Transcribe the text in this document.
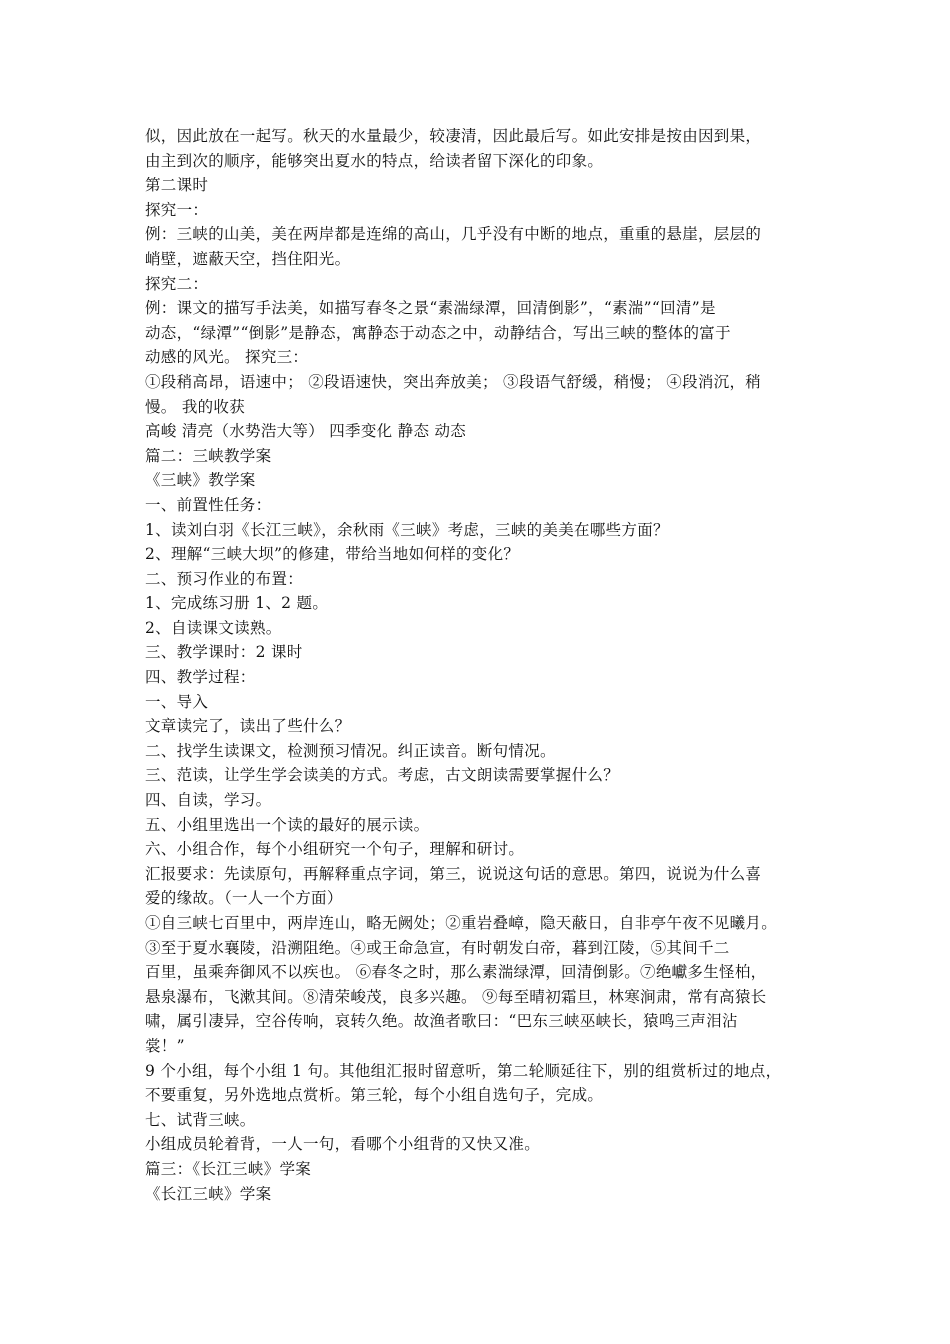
似，因此放在一起写。秋天的水量最少，较凄清，因此最后写。如此安排是按由因到果，
由主到次的顺序，能够突出夏水的特点，给读者留下深化的印象。
第二课时
探究一：
例：三峡的山美，美在两岸都是连绵的高山，几乎没有中断的地点，重重的悬崖，层层的
峭壁，遮蔽天空，挡住阳光。
探究二：
例：课文的描写手法美，如描写春冬之景“素湍绿潭，回清倒影”，“素湍”“回清”是
动态，“绿潭”“倒影”是静态，寓静态于动态之中，动静结合，写出三峡的整体的富于
动感的风光。 探究三：
①段稍高昂，语速中； ②段语速快，突出奔放美； ③段语气舒缓，稍慢； ④段消沉，稍
慢。 我的收获
高峻 清亮（水势浩大等） 四季变化 静态 动态
篇二：三峡教学案
《三峡》教学案
一、前置性任务：
1、读刘白羽《长江三峡》，余秋雨《三峡》考虑，三峡的美美在哪些方面？
2、理解“三峡大坝”的修建，带给当地如何样的变化？
二、预习作业的布置：
1、完成练习册 1、2 题。
2、自读课文读熟。
三、教学课时：2 课时
四、教学过程：
一、导入
文章读完了，读出了些什么？
二、找学生读课文，检测预习情况。纠正读音。断句情况。
三、范读，让学生学会读美的方式。考虑，古文朗读需要掌握什么？
四、自读，学习。
五、小组里选出一个读的最好的展示读。
六、小组合作，每个小组研究一个句子，理解和研讨。
汇报要求：先读原句，再解释重点字词，第三，说说这句话的意思。第四，说说为什么喜
爱的缘故。（一人一个方面）
①自三峡七百里中，两岸连山，略无阙处；②重岩叠嶂，隐天蔽日，自非亭午夜不见曦月。
③至于夏水襄陵，沿溯阻绝。④或王命急宣，有时朝发白帝，暮到江陵，⑤其间千二
百里，虽乘奔御风不以疾也。 ⑥春冬之时，那么素湍绿潭，回清倒影。⑦绝巘多生怪柏，
悬泉瀑布，飞漱其间。⑧清荣峻茂，良多兴趣。 ⑨每至晴初霜旦，林寒涧肃，常有高猿长
啸，属引凄异，空谷传响，哀转久绝。故渔者歌曰：“巴东三峡巫峡长，猿鸣三声泪沾
裳！”
9 个小组，每个小组 1 句。其他组汇报时留意听，第二轮顺延往下，别的组赏析过的地点，
不要重复，另外选地点赏析。第三轮，每个小组自选句子，完成。
七、试背三峡。
小组成员轮着背，一人一句，看哪个小组背的又快又准。
篇三：《长江三峡》学案
《长江三峡》学案
